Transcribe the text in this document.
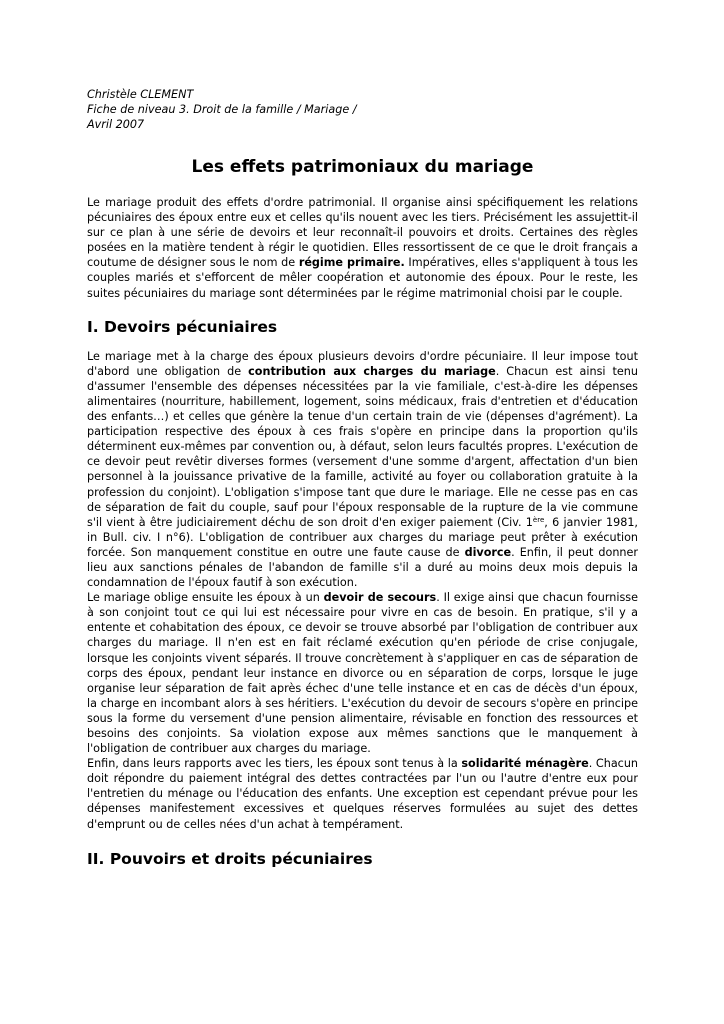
Christèle CLEMENT

Fiche de niveau 3. Droit de la famille / Mariage /

Avril 2007

Les effets patrimoniaux du mariage

Le mariage produit des effets d'ordre patrimonial. Il organise ainsi spécifiquement les relations pécuniaires des époux entre eux et celles qu'ils nouent avec les tiers. Précisément les assujettit-il sur ce plan à une série de devoirs et leur reconnaît-il pouvoirs et droits. Certaines des règles posées en la matière tendent à régir le quotidien. Elles ressortissent de ce que le droit français a coutume de désigner sous le nom de régime primaire. Impératives, elles s'appliquent à tous les couples mariés et s'efforcent de mêler coopération et autonomie des époux. Pour le reste, les suites pécuniaires du mariage sont déterminées par le régime matrimonial choisi par le couple.

I. Devoirs pécuniaires

Le mariage met à la charge des époux plusieurs devoirs d'ordre pécuniaire. Il leur impose tout d'abord une obligation de contribution aux charges du mariage. Chacun est ainsi tenu d'assumer l'ensemble des dépenses nécessitées par la vie familiale, c'est-à-dire les dépenses alimentaires (nourriture, habillement, logement, soins médicaux, frais d'entretien et d'éducation des enfants…) et celles que génère la tenue d'un certain train de vie (dépenses d'agrément). La participation respective des époux à ces frais s'opère en principe dans la proportion qu'ils déterminent eux-mêmes par convention ou, à défaut, selon leurs facultés propres. L'exécution de ce devoir peut revêtir diverses formes (versement d'une somme d'argent, affectation d'un bien personnel à la jouissance privative de la famille, activité au foyer ou collaboration gratuite à la profession du conjoint). L'obligation s'impose tant que dure le mariage. Elle ne cesse pas en cas de séparation de fait du couple, sauf pour l'époux responsable de la rupture de la vie commune s'il vient à être judiciairement déchu de son droit d'en exiger paiement (Civ. 1ère, 6 janvier 1981, in Bull. civ. I n°6). L'obligation de contribuer aux charges du mariage peut prêter à exécution forcée. Son manquement constitue en outre une faute cause de divorce. Enfin, il peut donner lieu aux sanctions pénales de l'abandon de famille s'il a duré au moins deux mois depuis la condamnation de l'époux fautif à son exécution.

Le mariage oblige ensuite les époux à un devoir de secours. Il exige ainsi que chacun fournisse à son conjoint tout ce qui lui est nécessaire pour vivre en cas de besoin. En pratique, s'il y a entente et cohabitation des époux, ce devoir se trouve absorbé par l'obligation de contribuer aux charges du mariage. Il n'en est en fait réclamé exécution qu'en période de crise conjugale, lorsque les conjoints vivent séparés. Il trouve concrètement à s'appliquer en cas de séparation de corps des époux, pendant leur instance en divorce ou en séparation de corps, lorsque le juge organise leur séparation de fait après échec d'une telle instance et en cas de décès d'un époux, la charge en incombant alors à ses héritiers. L'exécution du devoir de secours s'opère en principe sous la forme du versement d'une pension alimentaire, révisable en fonction des ressources et besoins des conjoints. Sa violation expose aux mêmes sanctions que le manquement à l'obligation de contribuer aux charges du mariage.

Enfin, dans leurs rapports avec les tiers, les époux sont tenus à la solidarité ménagère. Chacun doit répondre du paiement intégral des dettes contractées par l'un ou l'autre d'entre eux pour l'entretien du ménage ou l'éducation des enfants. Une exception est cependant prévue pour les dépenses manifestement excessives et quelques réserves formulées au sujet des dettes d'emprunt ou de celles nées d'un achat à tempérament.

II. Pouvoirs et droits pécuniaires
